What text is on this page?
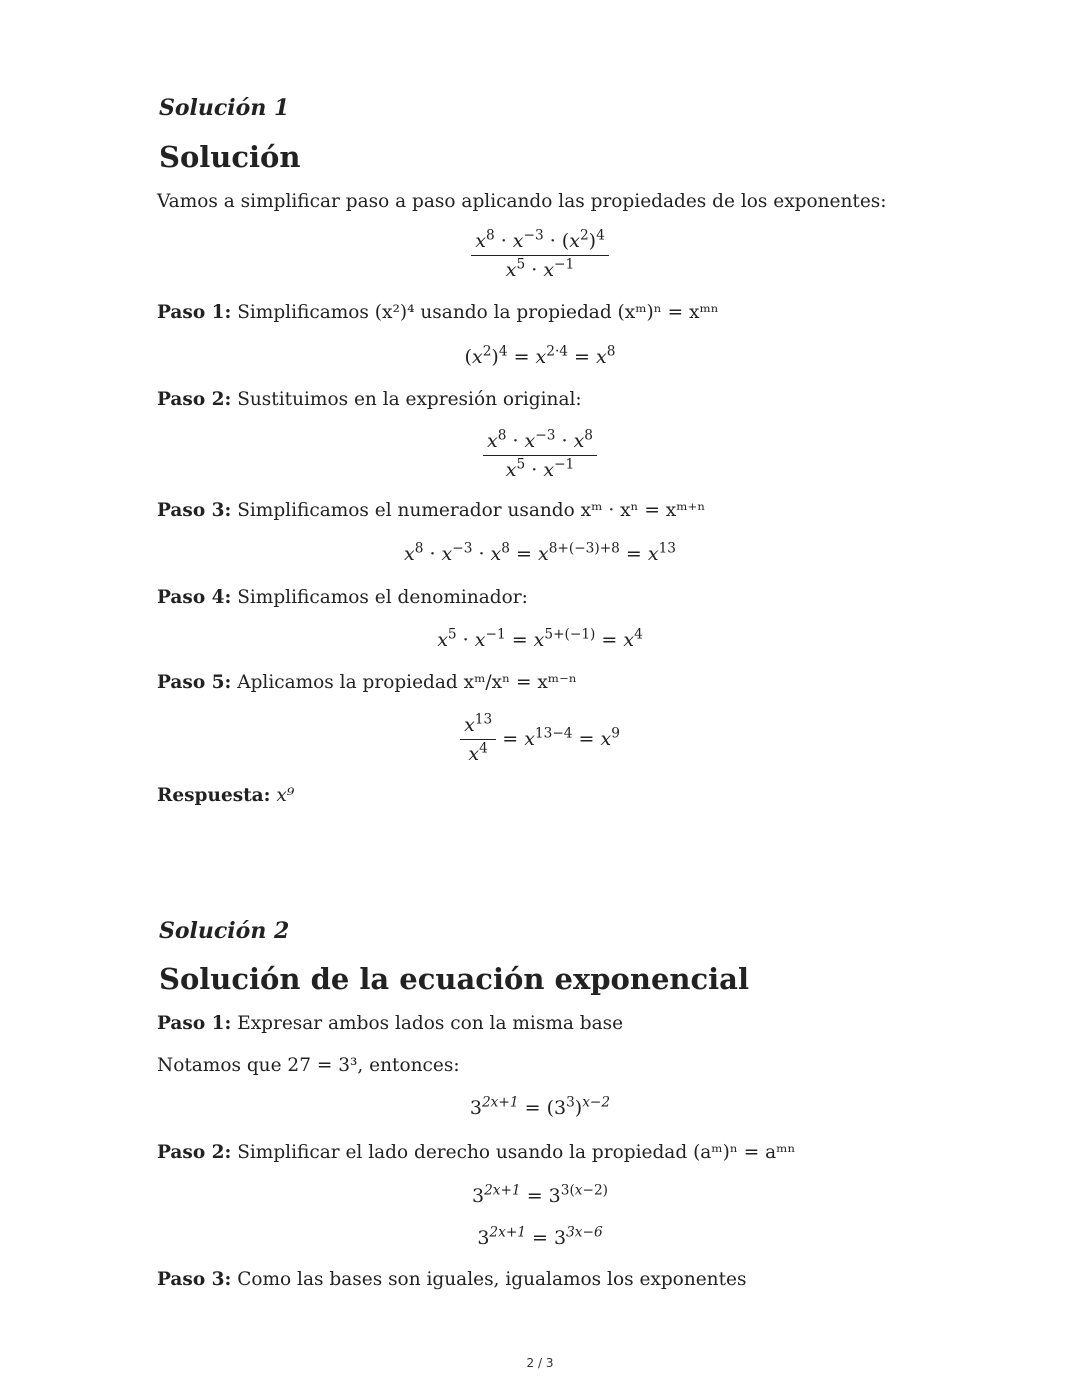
Solución 1
Solución
Vamos a simplificar paso a paso aplicando las propiedades de los exponentes:
$\frac{x^8 \cdot x^{-3} \cdot (x^2)^4}{x^5 \cdot x^{-1}}$
Paso 1: Simplificamos (x²)⁴ usando la propiedad (xᵐ)ⁿ = xᵐⁿ
$(x^2)^4 = x^{2\cdot 4} = x^8$
Paso 2: Sustituimos en la expresión original:
$\frac{x^8 \cdot x^{-3} \cdot x^8}{x^5 \cdot x^{-1}}$
Paso 3: Simplificamos el numerador usando xᵐ · xⁿ = xᵐ⁺ⁿ
$x^8 \cdot x^{-3} \cdot x^8 = x^{8+(-3)+8} = x^{13}$
Paso 4: Simplificamos el denominador:
$x^5 \cdot x^{-1} = x^{5+(-1)} = x^4$
Paso 5: Aplicamos la propiedad xᵐ/xⁿ = xᵐ⁻ⁿ
$\frac{x^{13}}{x^4} = x^{13-4} = x^9$
Respuesta: x⁹
Solución 2
Solución de la ecuación exponencial
Paso 1: Expresar ambos lados con la misma base
Notamos que 27 = 3³, entonces:
$3^{2x+1} = (3^3)^{x-2}$
Paso 2: Simplificar el lado derecho usando la propiedad (aᵐ)ⁿ = aᵐⁿ
$3^{2x+1} = 3^{3(x-2)}$
$3^{2x+1} = 3^{3x-6}$
Paso 3: Como las bases son iguales, igualamos los exponentes
2 / 3
